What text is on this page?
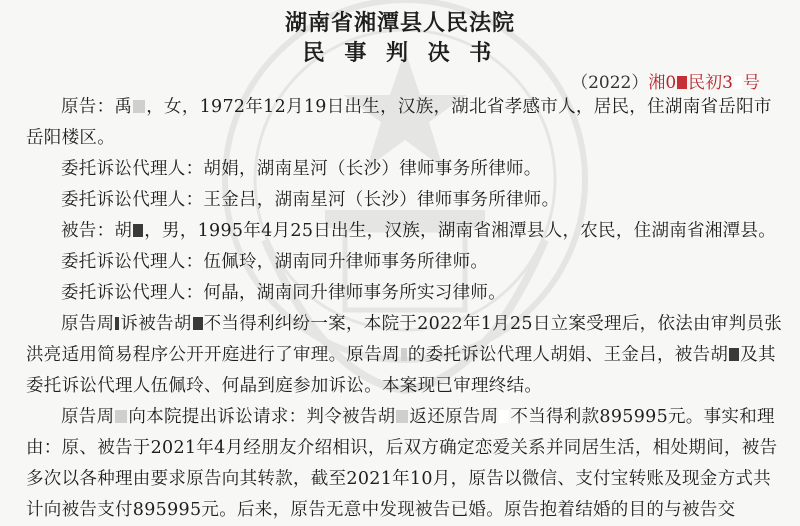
湖南省湘潭县人民法院
民 事 判 决 书
（2022）湘0 民初3 号

原告：禹 ，女，1972年12月19日出生，汉族，湖北省孝感市人，居民，住湖南省岳阳市岳阳楼区。

委托诉讼代理人：胡娟，湖南星河（长沙）律师事务所律师。

委托诉讼代理人：王金吕，湖南星河（长沙）律师事务所律师。

被告：胡 ，男，1995年4月25日出生，汉族，湖南省湘潭县人，农民，住湖南省湘潭县。

委托诉讼代理人：伍佩玲，湖南同升律师事务所律师。

委托诉讼代理人：何晶，湖南同升律师事务所实习律师。

原告周 诉被告胡 不当得利纠纷一案，本院于2022年1月25日立案受理后，依法由审判员张洪亮适用简易程序公开开庭进行了审理。原告周 的委托诉讼代理人胡娟、王金吕，被告胡 及其委托诉讼代理人伍佩玲、何晶到庭参加诉讼。本案现已审理终结。

原告周 向本院提出诉讼请求：判令被告胡 返还原告周 不当得利款895995元。事实和理由：原、被告于2021年4月经朋友介绍相识，后双方确定恋爱关系并同居生活，相处期间，被告多次以各种理由要求原告向其转款，截至2021年10月，原告以微信、支付宝转账及现金方式共计向被告支付895995元。后来，原告无意中发现被告已婚。原告抱着结婚的目的与被告交
